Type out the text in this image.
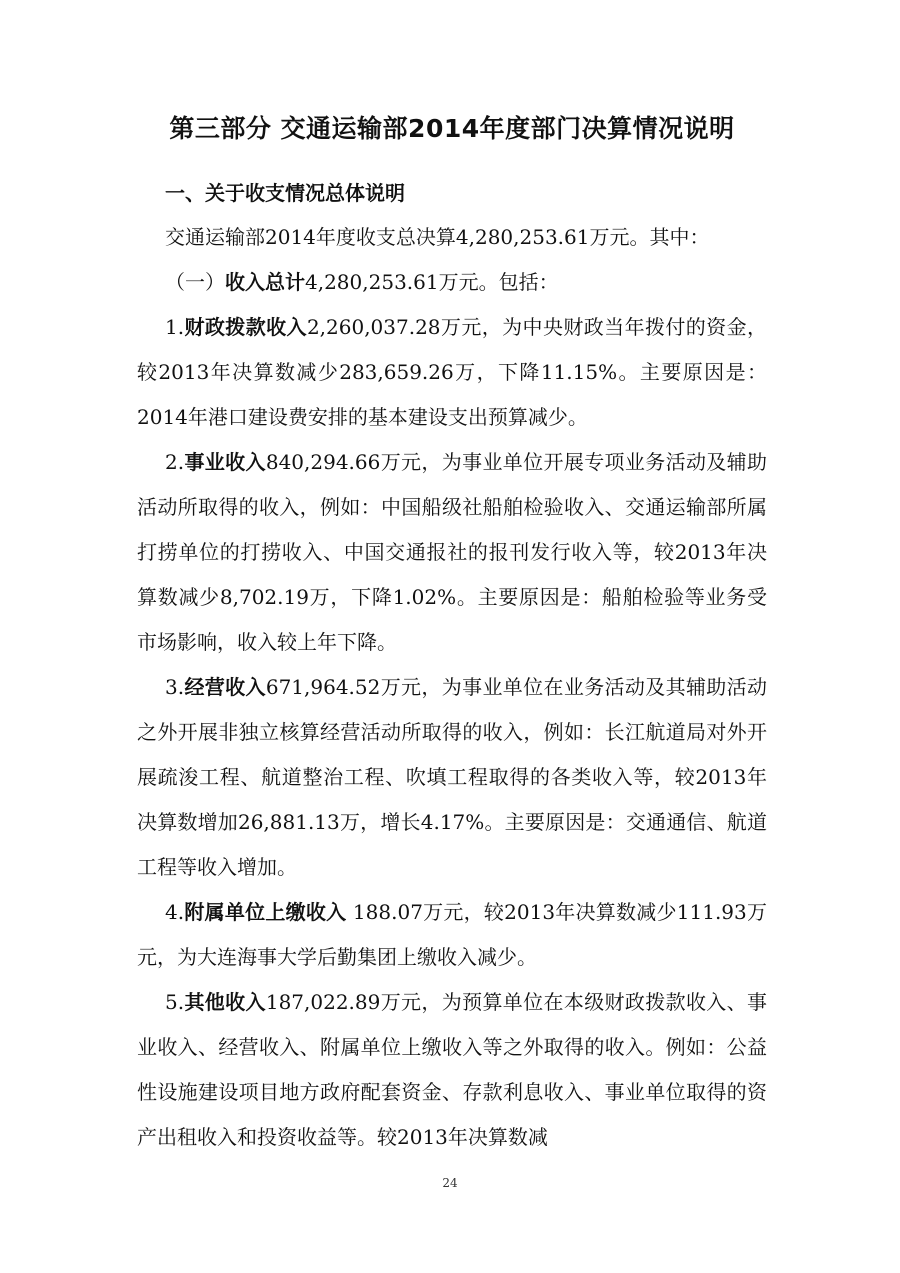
第三部分 交通运输部2014年度部门决算情况说明
一、关于收支情况总体说明

交通运输部2014年度收支总决算4,280,253.61万元。其中：

（一）收入总计4,280,253.61万元。包括：

1.财政拨款收入2,260,037.28万元，为中央财政当年拨付的资金，较2013年决算数减少283,659.26万，下降11.15%。主要原因是：2014年港口建设费安排的基本建设支出预算减少。

2.事业收入840,294.66万元，为事业单位开展专项业务活动及辅助活动所取得的收入，例如：中国船级社船舶检验收入、交通运输部所属打捞单位的打捞收入、中国交通报社的报刊发行收入等，较2013年决算数减少8,702.19万，下降1.02%。主要原因是：船舶检验等业务受市场影响，收入较上年下降。

3.经营收入671,964.52万元，为事业单位在业务活动及其辅助活动之外开展非独立核算经营活动所取得的收入，例如：长江航道局对外开展疏浚工程、航道整治工程、吹填工程取得的各类收入等，较2013年决算数增加26,881.13万，增长4.17%。主要原因是：交通通信、航道工程等收入增加。

4.附属单位上缴收入 188.07万元，较2013年决算数减少111.93万元，为大连海事大学后勤集团上缴收入减少。

5.其他收入187,022.89万元，为预算单位在本级财政拨款收入、事业收入、经营收入、附属单位上缴收入等之外取得的收入。例如：公益性设施建设项目地方政府配套资金、存款利息收入、事业单位取得的资产出租收入和投资收益等。较2013年决算数减

24
